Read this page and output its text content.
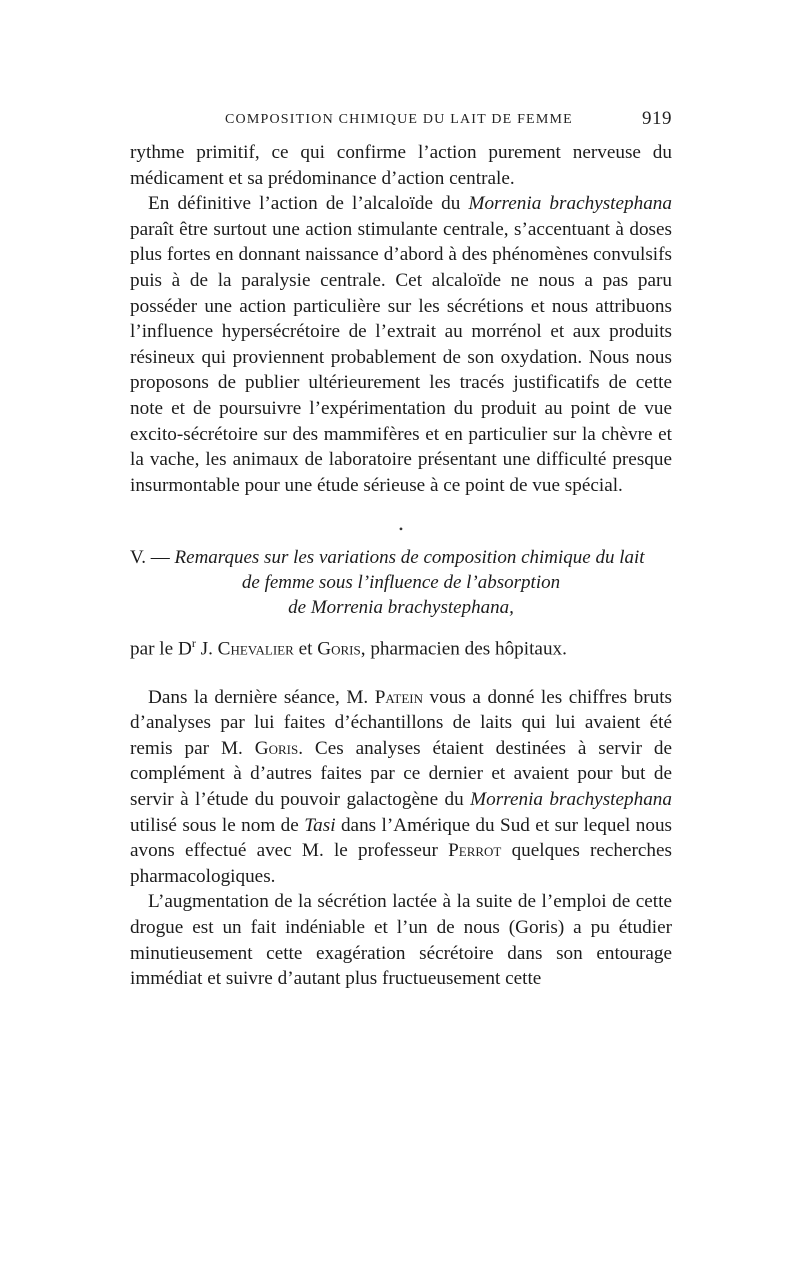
COMPOSITION CHIMIQUE DU LAIT DE FEMME	919

rythme primitif, ce qui confirme l’action purement nerveuse du médicament et sa prédominance d’action centrale.

En définitive l’action de l’alcaloïde du Morrenia brachystephana paraît être surtout une action stimulante centrale, s’accentuant à doses plus fortes en donnant naissance d’abord à des phénomènes convulsifs puis à de la paralysie centrale. Cet alcaloïde ne nous a pas paru posséder une action particulière sur les sécrétions et nous attribuons l’influence hypersécrétoire de l’extrait au morrénol et aux produits résineux qui proviennent probablement de son oxydation. Nous nous proposons de publier ultérieurement les tracés justificatifs de cette note et de poursuivre l’expérimentation du produit au point de vue excito-sécrétoire sur des mammifères et en particulier sur la chèvre et la vache, les animaux de laboratoire présentant une difficulté presque insurmontable pour une étude sérieuse à ce point de vue spécial.

•
V. — Remarques sur les variations de composition chimique du lait
de femme sous l’influence de l’absorption
de Morrenia brachystephana,
par le $D^r$ J. Chevalier et Goris, pharmacien des hôpitaux.

Dans la dernière séance, M. Patein vous a donné les chiffres bruts d’analyses par lui faites d’échantillons de laits qui lui avaient été remis par M. Goris. Ces analyses étaient destinées à servir de complément à d’autres faites par ce dernier et avaient pour but de servir à l’étude du pouvoir galactogène du Morrenia brachystephana utilisé sous le nom de Tasi dans l’Amérique du Sud et sur lequel nous avons effectué avec M. le professeur Perrot quelques recherches pharmacologiques.

L’augmentation de la sécrétion lactée à la suite de l’emploi de cette drogue est un fait indéniable et l’un de nous (Goris) a pu étudier minutieusement cette exagération sécrétoire dans son entourage immédiat et suivre d’autant plus fructueusement cette
